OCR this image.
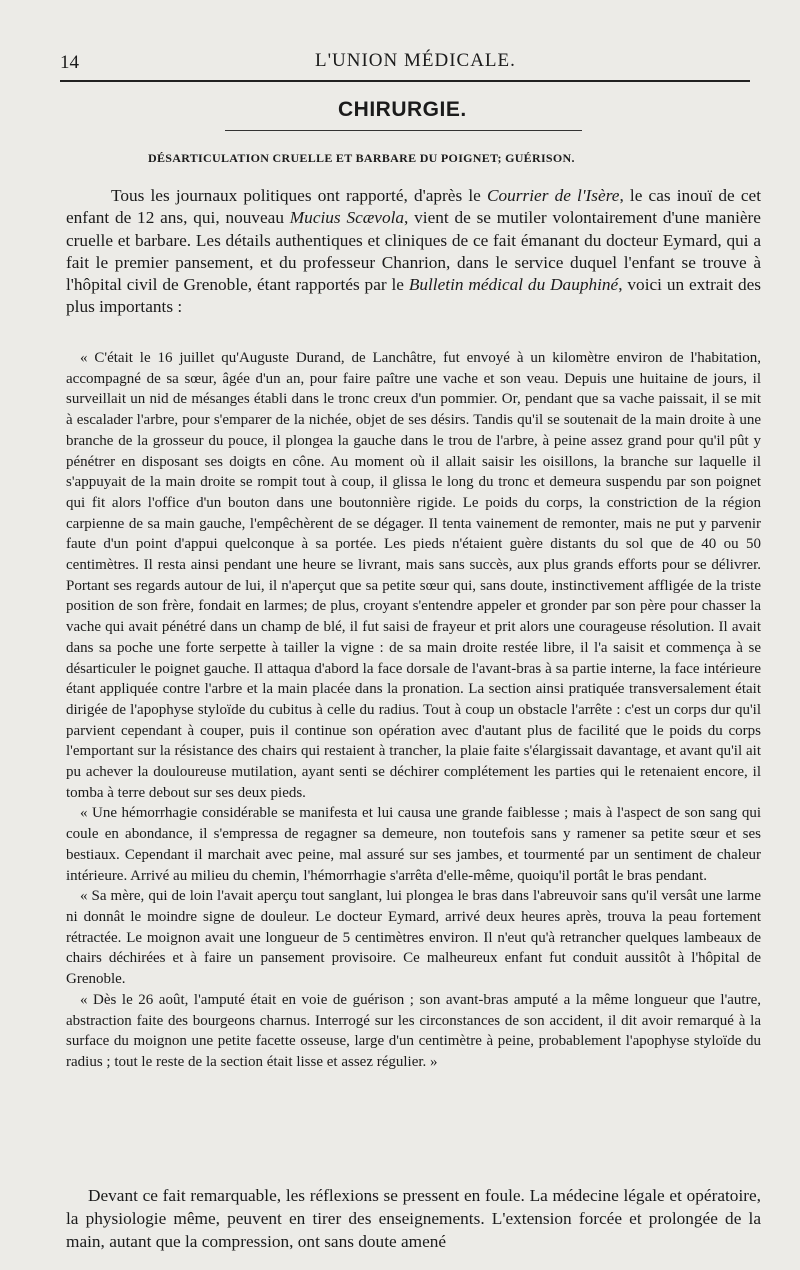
14	L'UNION MÉDICALE.
CHIRURGIE.
DÉSARTICULATION CRUELLE ET BARBARE DU POIGNET; GUÉRISON.
Tous les journaux politiques ont rapporté, d'après le Courrier de l'Isère, le cas inouï de cet enfant de 12 ans, qui, nouveau Mucius Scævola, vient de se mutiler volontairement d'une manière cruelle et barbare. Les détails authentiques et cliniques de ce fait émanant du docteur Eymard, qui a fait le premier pansement, et du professeur Chanrion, dans le service duquel l'enfant se trouve à l'hôpital civil de Grenoble, étant rapportés par le Bulletin médical du Dauphiné, voici un extrait des plus importants :

« C'était le 16 juillet qu'Auguste Durand, de Lanchâtre, fut envoyé à un kilomètre environ de l'habitation, accompagné de sa sœur, âgée d'un an, pour faire paître une vache et son veau. Depuis une huitaine de jours, il surveillait un nid de mésanges établi dans le tronc creux d'un pommier. Or, pendant que sa vache paissait, il se mit à escalader l'arbre, pour s'emparer de la nichée, objet de ses désirs. Tandis qu'il se soutenait de la main droite à une branche de la grosseur du pouce, il plongea la gauche dans le trou de l'arbre, à peine assez grand pour qu'il pût y pénétrer en disposant ses doigts en cône. Au moment où il allait saisir les oisillons, la branche sur laquelle il s'appuyait de la main droite se rompit tout à coup, il glissa le long du tronc et demeura suspendu par son poignet qui fit alors l'office d'un bouton dans une boutonnière rigide. Le poids du corps, la constriction de la région carpienne de sa main gauche, l'empêchèrent de se dégager. Il tenta vainement de remonter, mais ne put y parvenir faute d'un point d'appui quelconque à sa portée. Les pieds n'étaient guère distants du sol que de 40 ou 50 centimètres. Il resta ainsi pendant une heure se livrant, mais sans succès, aux plus grands efforts pour se délivrer. Portant ses regards autour de lui, il n'aperçut que sa petite sœur qui, sans doute, instinctivement affligée de la triste position de son frère, fondait en larmes; de plus, croyant s'entendre appeler et gronder par son père pour chasser la vache qui avait pénétré dans un champ de blé, il fut saisi de frayeur et prit alors une courageuse résolution. Il avait dans sa poche une forte serpette à tailler la vigne : de sa main droite restée libre, il l'a saisit et commença à se désarticuler le poignet gauche. Il attaqua d'abord la face dorsale de l'avant-bras à sa partie interne, la face intérieure étant appliquée contre l'arbre et la main placée dans la pronation. La section ainsi pratiquée transversalement était dirigée de l'apophyse styloïde du cubitus à celle du radius. Tout à coup un obstacle l'arrête : c'est un corps dur qu'il parvient cependant à couper, puis il continue son opération avec d'autant plus de facilité que le poids du corps l'emportant sur la résistance des chairs qui restaient à trancher, la plaie faite s'élargissait davantage, et avant qu'il ait pu achever la douloureuse mutilation, ayant senti se déchirer complétement les parties qui le retenaient encore, il tomba à terre debout sur ses deux pieds.

« Une hémorrhagie considérable se manifesta et lui causa une grande faiblesse ; mais à l'aspect de son sang qui coule en abondance, il s'empressa de regagner sa demeure, non toutefois sans y ramener sa petite sœur et ses bestiaux. Cependant il marchait avec peine, mal assuré sur ses jambes, et tourmenté par un sentiment de chaleur intérieure. Arrivé au milieu du chemin, l'hémorrhagie s'arrêta d'elle-même, quoiqu'il portât le bras pendant.

« Sa mère, qui de loin l'avait aperçu tout sanglant, lui plongea le bras dans l'abreuvoir sans qu'il versât une larme ni donnât le moindre signe de douleur. Le docteur Eymard, arrivé deux heures après, trouva la peau fortement rétractée. Le moignon avait une longueur de 5 centimètres environ. Il n'eut qu'à retrancher quelques lambeaux de chairs déchirées et à faire un pansement provisoire. Ce malheureux enfant fut conduit aussitôt à l'hôpital de Grenoble.

« Dès le 26 août, l'amputé était en voie de guérison ; son avant-bras amputé a la même longueur que l'autre, abstraction faite des bourgeons charnus. Interrogé sur les circonstances de son accident, il dit avoir remarqué à la surface du moignon une petite facette osseuse, large d'un centimètre à peine, probablement l'apophyse styloïde du radius ; tout le reste de la section était lisse et assez régulier. »

Devant ce fait remarquable, les réflexions se pressent en foule. La médecine légale et opératoire, la physiologie même, peuvent en tirer des enseignements. L'extension forcée et prolongée de la main, autant que la compression, ont sans doute amené
